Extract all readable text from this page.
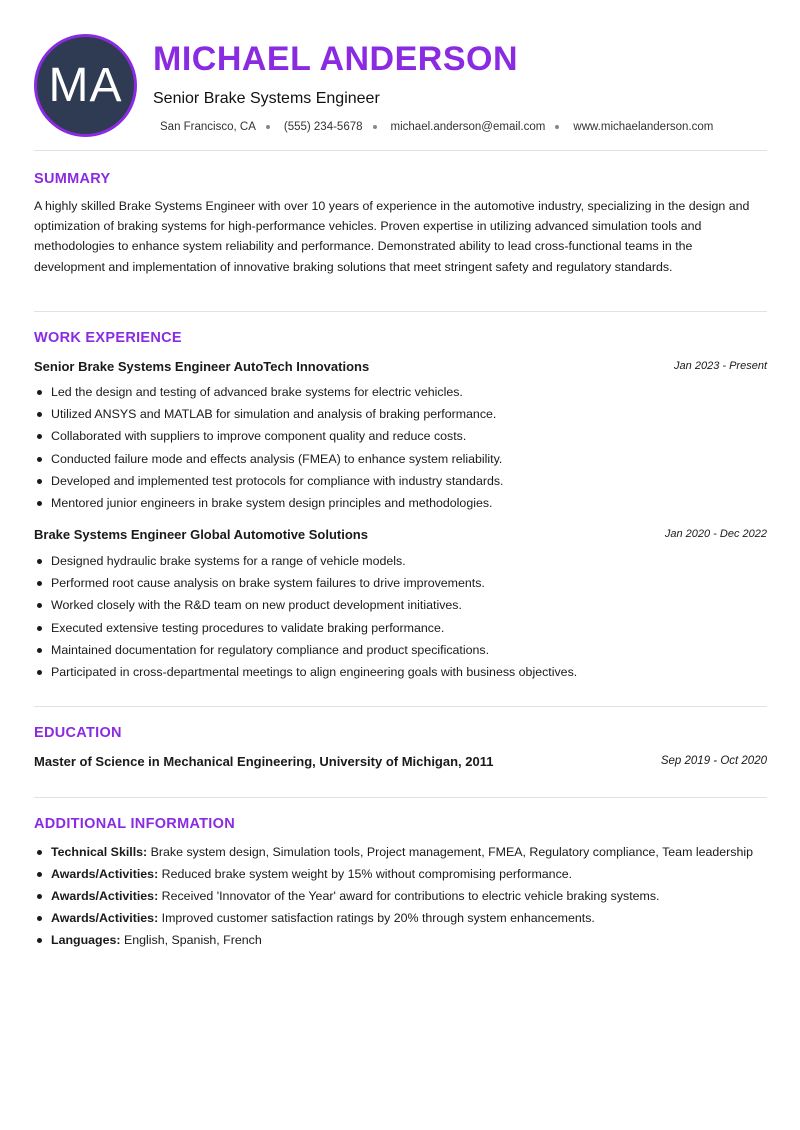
MA MICHAEL ANDERSON
Senior Brake Systems Engineer
San Francisco, CA (555) 234-5678 michael.anderson@email.com www.michaelanderson.com
SUMMARY
A highly skilled Brake Systems Engineer with over 10 years of experience in the automotive industry, specializing in the design and optimization of braking systems for high-performance vehicles. Proven expertise in utilizing advanced simulation tools and methodologies to enhance system reliability and performance. Demonstrated ability to lead cross-functional teams in the development and implementation of innovative braking solutions that meet stringent safety and regulatory standards.
WORK EXPERIENCE
Senior Brake Systems Engineer AutoTech Innovations	Jan 2023 - Present
Led the design and testing of advanced brake systems for electric vehicles.
Utilized ANSYS and MATLAB for simulation and analysis of braking performance.
Collaborated with suppliers to improve component quality and reduce costs.
Conducted failure mode and effects analysis (FMEA) to enhance system reliability.
Developed and implemented test protocols for compliance with industry standards.
Mentored junior engineers in brake system design principles and methodologies.
Brake Systems Engineer Global Automotive Solutions	Jan 2020 - Dec 2022
Designed hydraulic brake systems for a range of vehicle models.
Performed root cause analysis on brake system failures to drive improvements.
Worked closely with the R&D team on new product development initiatives.
Executed extensive testing procedures to validate braking performance.
Maintained documentation for regulatory compliance and product specifications.
Participated in cross-departmental meetings to align engineering goals with business objectives.
EDUCATION
Master of Science in Mechanical Engineering, University of Michigan, 2011	Sep 2019 - Oct 2020
ADDITIONAL INFORMATION
Technical Skills: Brake system design, Simulation tools, Project management, FMEA, Regulatory compliance, Team leadership
Awards/Activities: Reduced brake system weight by 15% without compromising performance.
Awards/Activities: Received 'Innovator of the Year' award for contributions to electric vehicle braking systems.
Awards/Activities: Improved customer satisfaction ratings by 20% through system enhancements.
Languages: English, Spanish, French
